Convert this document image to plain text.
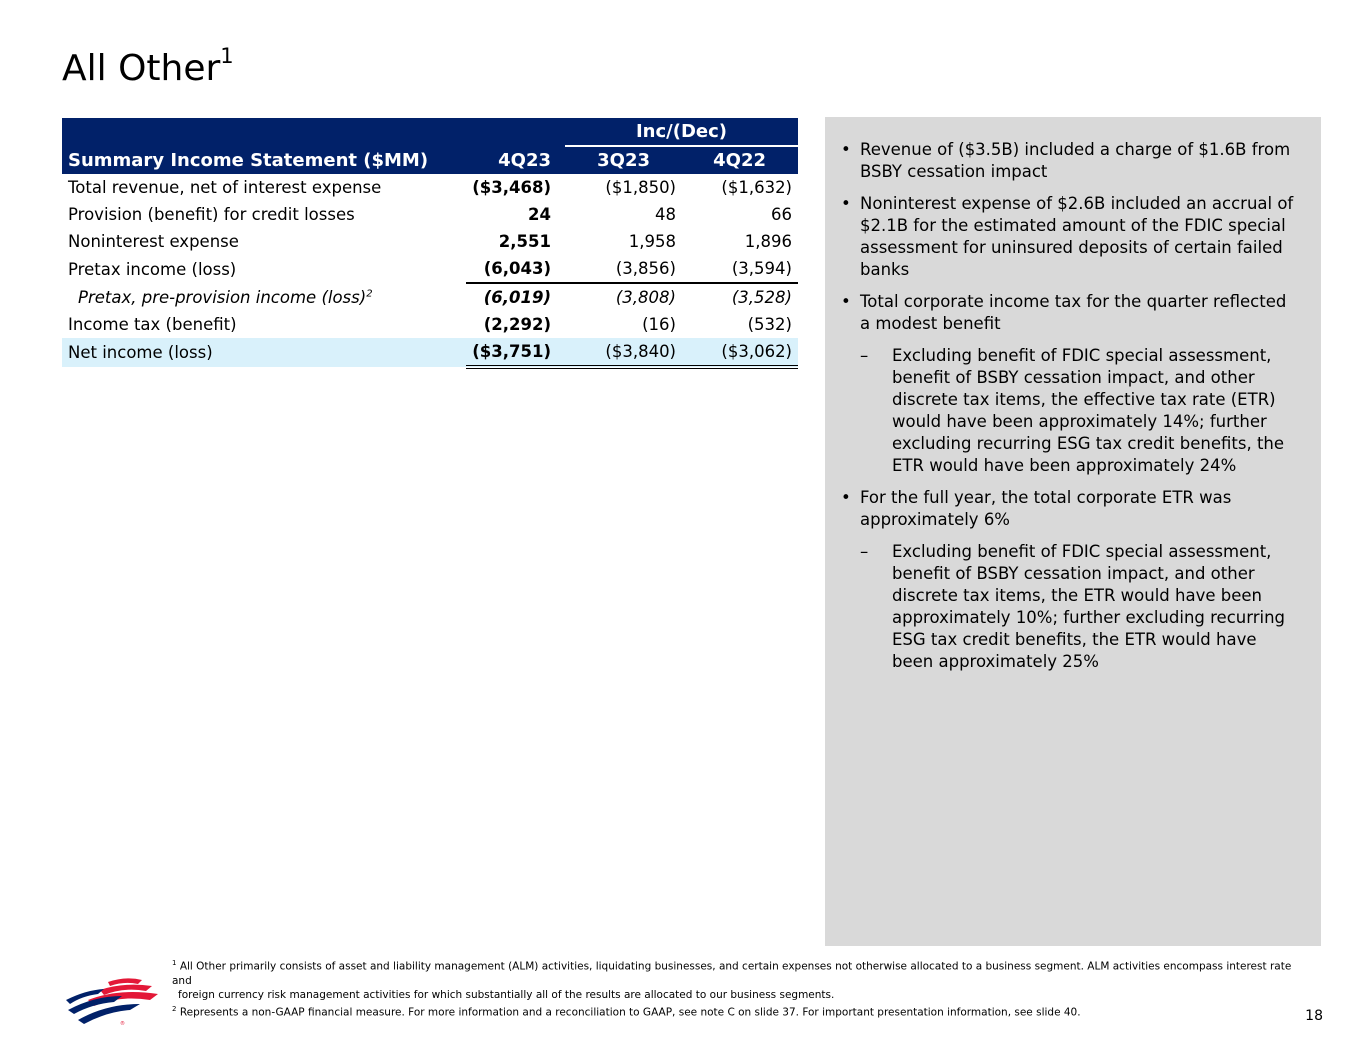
All Other$^1$
		Inc/(Dec)	
Summary Income Statement ($MM)	4Q23	3Q23	4Q22
Total revenue, net of interest expense	($3,468)	($1,850)	($1,632)
Provision (benefit) for credit losses	24	48	66
Noninterest expense	2,551	1,958	1,896
Pretax income (loss)	(6,043)	(3,856)	(3,594)
Pretax, pre-provision income (loss)$^2$	(6,019)	(3,808)	(3,528)
Income tax (benefit)	(2,292)	(16)	(532)
Net income (loss)	($3,751)	($3,840)	($3,062)
• Revenue of ($3.5B) included a charge of $1.6B from BSBY cessation impact
• Noninterest expense of $2.6B included an accrual of $2.1B for the estimated amount of the FDIC special assessment for uninsured deposits of certain failed banks
• Total corporate income tax for the quarter reflected a modest benefit
– Excluding benefit of FDIC special assessment, benefit of BSBY cessation impact, and other discrete tax items, the effective tax rate (ETR) would have been approximately 14%; further excluding recurring ESG tax credit benefits, the ETR would have been approximately 24%
• For the full year, the total corporate ETR was approximately 6%
– Excluding benefit of FDIC special assessment, benefit of BSBY cessation impact, and other discrete tax items, the ETR would have been approximately 10%; further excluding recurring ESG tax credit benefits, the ETR would have been approximately 25%

$^1$ All Other primarily consists of asset and liability management (ALM) activities, liquidating businesses, and certain expenses not otherwise allocated to a business segment. ALM activities encompass interest rate and

foreign currency risk management activities for which substantially all of the results are allocated to our business segments.

$^2$ Represents a non-GAAP financial measure. For more information and a reconciliation to GAAP, see note C on slide 37. For important presentation information, see slide 40.

®	18
